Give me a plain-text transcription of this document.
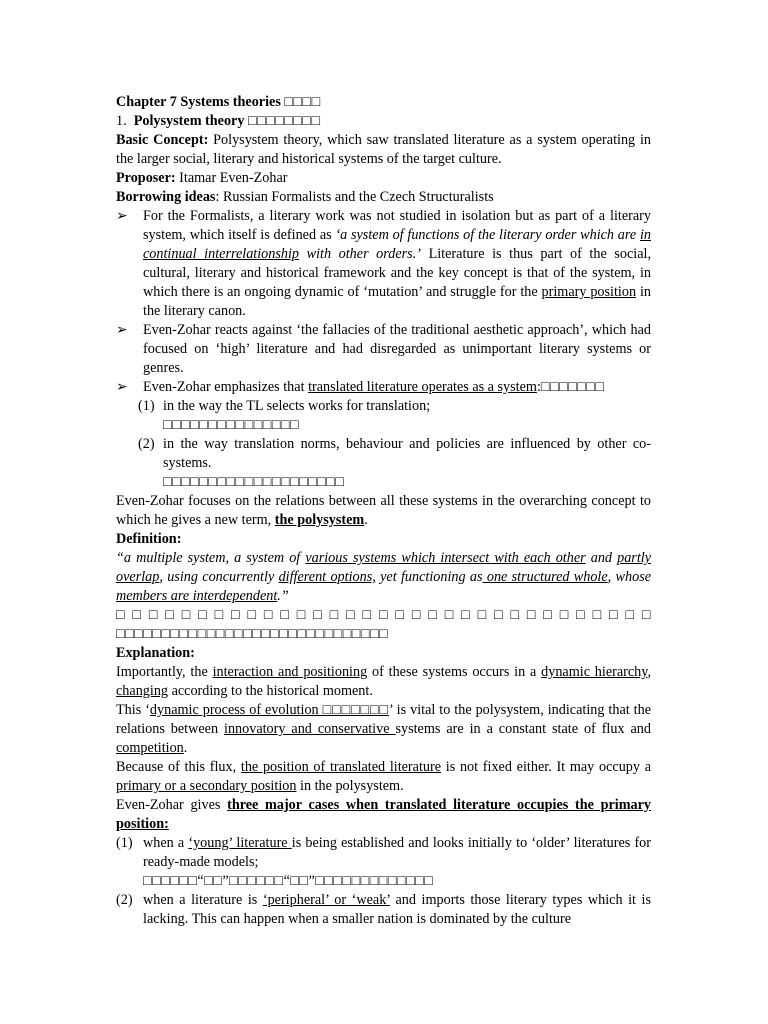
Chapter 7 Systems theories □□□□

1. Polysystem theory □□□□□□□□

Basic Concept: Polysystem theory, which saw translated literature as a system operating in the larger social, literary and historical systems of the target culture.

Proposer: Itamar Even-Zohar

Borrowing ideas: Russian Formalists and the Czech Structuralists

➢	For the Formalists, a literary work was not studied in isolation but as part of a literary system, which itself is defined as ‘a system of functions of the literary order which are in continual interrelationship with other orders.’ Literature is thus part of the social, cultural, literary and historical framework and the key concept is that of the system, in which there is an ongoing dynamic of ‘mutation’ and struggle for the primary position in the literary canon.
➢	Even-Zohar reacts against ‘the fallacies of the traditional aesthetic approach’, which had focused on ‘high’ literature and had disregarded as unimportant literary systems or genres.
➢	Even-Zohar emphasizes that translated literature operates as a system:□□□□□□□
(1) in the way the TL selects works for translation;
□□□□□□□□□□□□□□□
(2) in the way translation norms, behaviour and policies are influenced by other co-systems.
□□□□□□□□□□□□□□□□□□□□

Even-Zohar focuses on the relations between all these systems in the overarching concept to which he gives a new term, the polysystem.

Definition:

“a multiple system, a system of various systems which intersect with each other and partly overlap, using concurrently different options, yet functioning as one structured whole, whose members are interdependent.”

□□□□□□□□□□□□□□□□□□□□□□□□□□□□□□□□□ □□□□□□□□□□□□□□□□□□□□□□□□□□□□□□

Explanation:

Importantly, the interaction and positioning of these systems occurs in a dynamic hierarchy, changing according to the historical moment.

This ‘dynamic process of evolution □□□□□□□’ is vital to the polysystem, indicating that the relations between innovatory and conservative systems are in a constant state of flux and competition.

Because of this flux, the position of translated literature is not fixed either. It may occupy a primary or a secondary position in the polysystem.

Even-Zohar gives three major cases when translated literature occupies the primary position:

(1) when a ‘young’ literature is being established and looks initially to ‘older’ literatures for ready-made models;
□□□□□□“□□”□□□□□□“□□”□□□□□□□□□□□□□
(2) when a literature is ‘peripheral’ or ‘weak’ and imports those literary types which it is lacking. This can happen when a smaller nation is dominated by the culture
